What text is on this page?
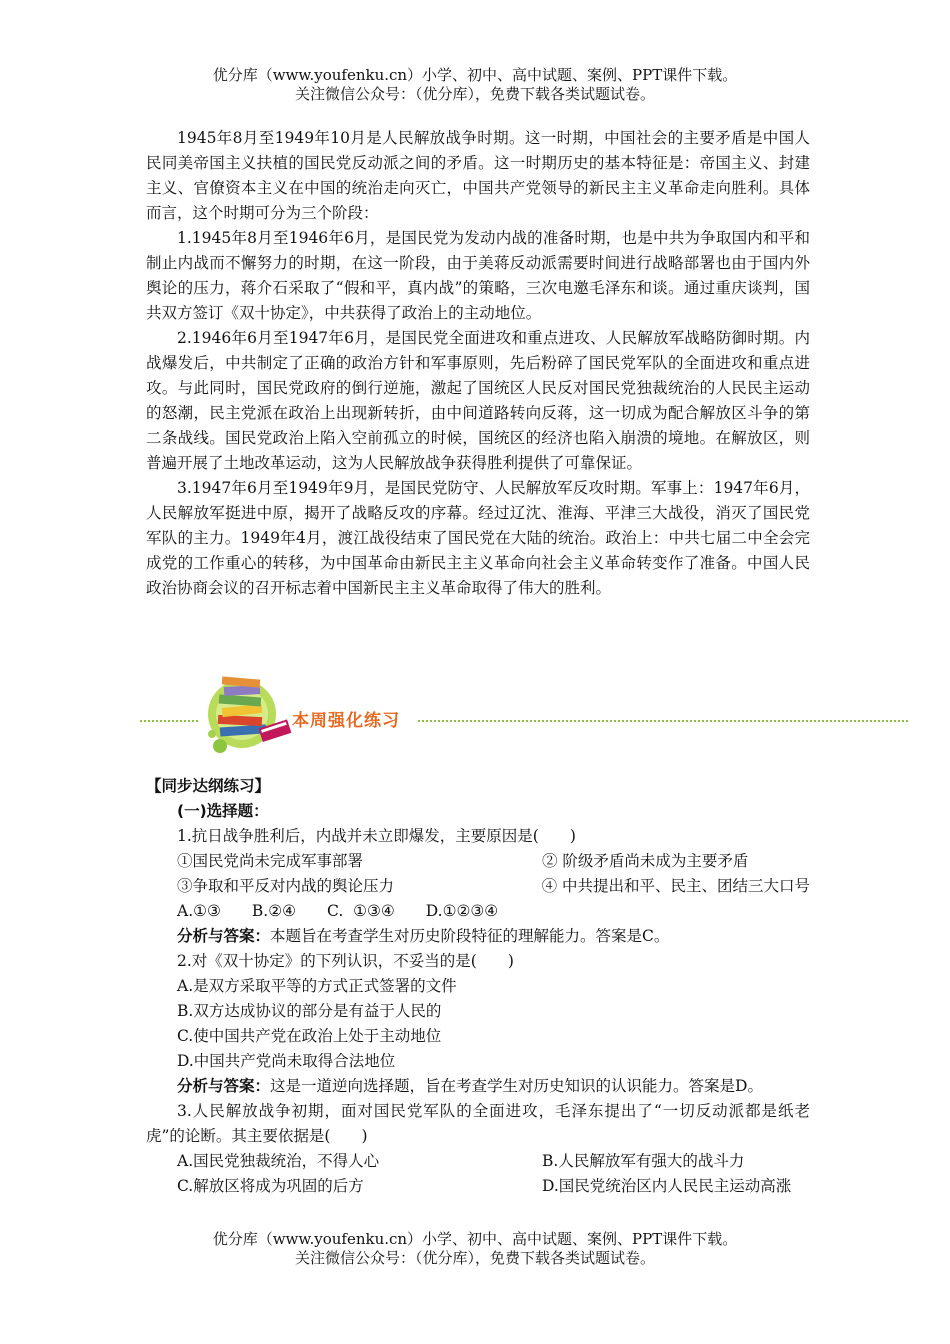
优分库（www.youfenku.cn）小学、初中、高中试题、案例、PPT课件下载。
关注微信公众号：（优分库），免费下载各类试题试卷。

1945年8月至1949年10月是人民解放战争时期。这一时期，中国社会的主要矛盾是中国人民同美帝国主义扶植的国民党反动派之间的矛盾。这一时期历史的基本特征是：帝国主义、封建主义、官僚资本主义在中国的统治走向灭亡，中国共产党领导的新民主主义革命走向胜利。具体而言，这个时期可分为三个阶段：

1.1945年8月至1946年6月，是国民党为发动内战的准备时期，也是中共为争取国内和平和制止内战而不懈努力的时期，在这一阶段，由于美蒋反动派需要时间进行战略部署也由于国内外舆论的压力，蒋介石采取了“假和平，真内战”的策略，三次电邀毛泽东和谈。通过重庆谈判，国共双方签订《双十协定》，中共获得了政治上的主动地位。

2.1946年6月至1947年6月，是国民党全面进攻和重点进攻、人民解放军战略防御时期。内战爆发后，中共制定了正确的政治方针和军事原则，先后粉碎了国民党军队的全面进攻和重点进攻。与此同时，国民党政府的倒行逆施，激起了国统区人民反对国民党独裁统治的人民民主运动的怒潮，民主党派在政治上出现新转折，由中间道路转向反蒋，这一切成为配合解放区斗争的第二条战线。国民党政治上陷入空前孤立的时候，国统区的经济也陷入崩溃的境地。在解放区，则普遍开展了土地改革运动，这为人民解放战争获得胜利提供了可靠保证。

3.1947年6月至1949年9月，是国民党防守、人民解放军反攻时期。军事上：1947年6月，人民解放军挺进中原，揭开了战略反攻的序幕。经过辽沈、淮海、平津三大战役，消灭了国民党军队的主力。1949年4月，渡江战役结束了国民党在大陆的统治。政治上：中共七届二中全会完成党的工作重心的转移，为中国革命由新民主主义革命向社会主义革命转变作了准备。中国人民政治协商会议的召开标志着中国新民主主义革命取得了伟大的胜利。

本周强化练习
【同步达纲练习】
(一)选择题：
1.抗日战争胜利后，内战并未立即爆发，主要原因是(　　)
①国民党尚未完成军事部署	② 阶级矛盾尚未成为主要矛盾
③争取和平反对内战的舆论压力	④ 中共提出和平、民主、团结三大口号
A.①③　　B.②④　　C.  ①③④　　D.①②③④
分析与答案：本题旨在考查学生对历史阶段特征的理解能力。答案是C。
2.对《双十协定》的下列认识，不妥当的是(　　)
A.是双方采取平等的方式正式签署的文件
B.双方达成协议的部分是有益于人民的
C.使中国共产党在政治上处于主动地位
D.中国共产党尚未取得合法地位

分析与答案：这是一道逆向选择题，旨在考查学生对历史知识的认识能力。答案是D。

3.人民解放战争初期，面对国民党军队的全面进攻，毛泽东提出了“一切反动派都是纸老虎”的论断。其主要依据是(　　)

A.国民党独裁统治，不得人心	B.人民解放军有强大的战斗力
C.解放区将成为巩固的后方	D.国民党统治区内人民民主运动高涨
优分库（www.youfenku.cn）小学、初中、高中试题、案例、PPT课件下载。
关注微信公众号：（优分库），免费下载各类试题试卷。
